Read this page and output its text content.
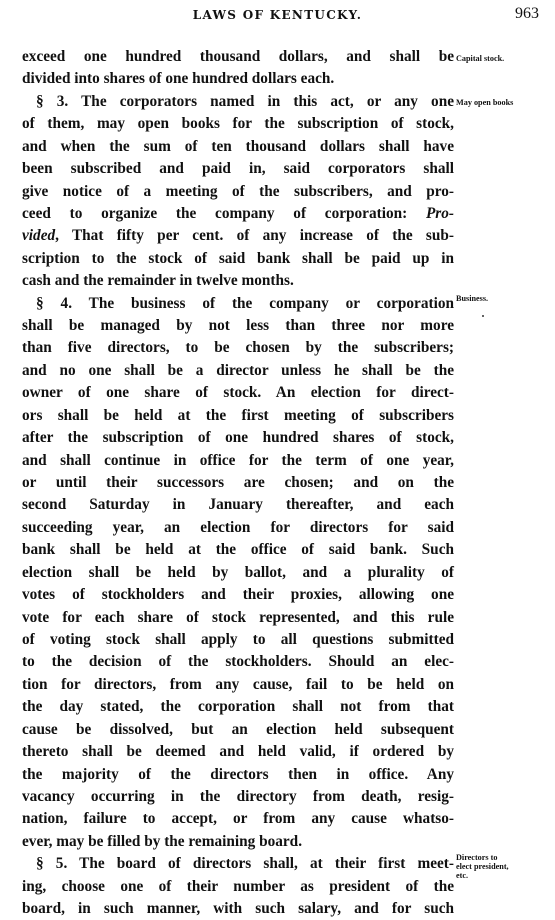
LAWS OF KENTUCKY.	963
exceed one hundred thousand dollars, and shall be
divided into shares of one hundred dollars each.
§ 3. The corporators named in this act, or any one
of them, may open books for the subscription of stock,
and when the sum of ten thousand dollars shall have
been subscribed and paid in, said corporators shall
give notice of a meeting of the subscribers, and pro-
ceed to organize the company of corporation: Pro-
vided, That fifty per cent. of any increase of the sub-
scription to the stock of said bank shall be paid up in
cash and the remainder in twelve months.
§ 4. The business of the company or corporation
shall be managed by not less than three nor more
than five directors, to be chosen by the subscribers;
and no one shall be a director unless he shall be the
owner of one share of stock. An election for direct-
ors shall be held at the first meeting of subscribers
after the subscription of one hundred shares of stock,
and shall continue in office for the term of one year,
or until their successors are chosen; and on the
second Saturday in January thereafter, and each
succeeding year, an election for directors for said
bank shall be held at the office of said bank. Such
election shall be held by ballot, and a plurality of
votes of stockholders and their proxies, allowing one
vote for each share of stock represented, and this rule
of voting stock shall apply to all questions submitted
to the decision of the stockholders. Should an elec-
tion for directors, from any cause, fail to be held on
the day stated, the corporation shall not from that
cause be dissolved, but an election held subsequent
thereto shall be deemed and held valid, if ordered by
the majority of the directors then in office. Any
vacancy occurring in the directory from death, resig-
nation, failure to accept, or from any cause whatso-
ever, may be filled by the remaining board.
§ 5. The board of directors shall, at their first meet-
ing, choose one of their number as president of the
board, in such manner, with such salary, and for such
Capital stock.
May open books
Business.
Directors to
elect president,
etc.
